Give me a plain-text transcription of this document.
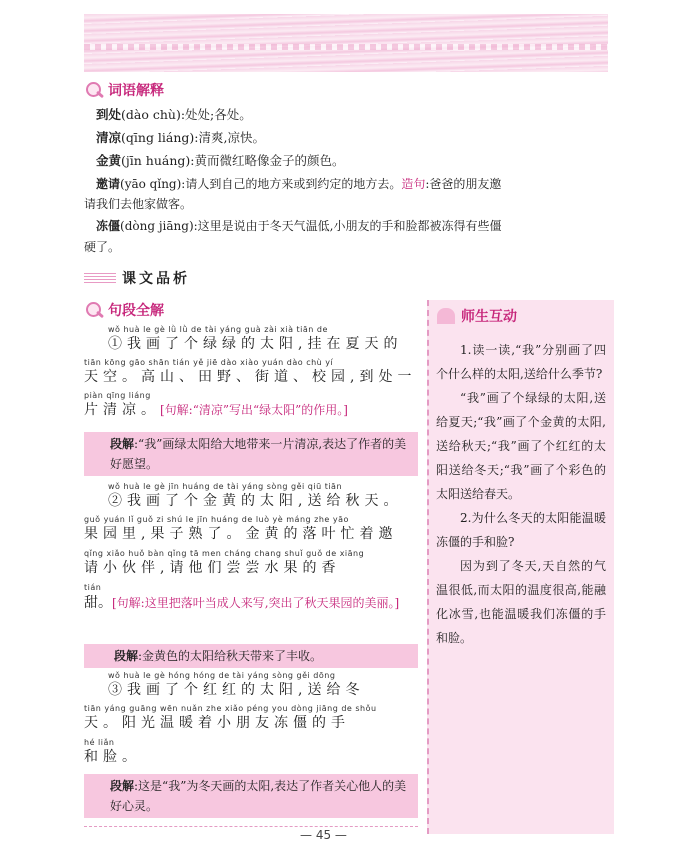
词语解释
到处(dào chù):处处;各处。
清凉(qīng liáng):清爽,凉快。
金黄(jīn huáng):黄而微红略像金子的颜色。
邀请(yāo qǐng):请人到自己的地方来或到约定的地方去。造句:爸爸的朋友邀
请我们去他家做客。
冻僵(dòng jiāng):这里是说由于冬天气温低,小朋友的手和脸都被冻得有些僵
硬了。
课文品析
师生互动

1.读一读,“我”分别画了四个什么样的太阳,送给什么季节?

“我”画了个绿绿的太阳,送给夏天;“我”画了个金黄的太阳,送给秋天;“我”画了个红红的太阳送给冬天;“我”画了个彩色的太阳送给春天。

2.为什么冬天的太阳能温暖冻僵的手和脸?

因为到了冬天,天自然的气温很低,而太阳的温度很高,能融化冰雪,也能温暖我们冻僵的手和脸。

句段全解
wǒ huà le gè lǜ lǜ de tài yáng guà zài xià tiān de
①我画了个绿绿的太阳,挂在夏天的
tiān kōng gāo shān tián yě jiē dào xiào yuán dào chù yí
天空。高山、田野、街道、校园,到处一
piàn qīng liáng
片清凉。[句解:“清凉”写出“绿太阳”的作用。]
段解:“我”画绿太阳给大地带来一片清凉,表达了作者的美好愿望。
wǒ huà le gè jīn huáng de tài yáng sòng gěi qiū tiān
②我画了个金黄的太阳,送给秋天。
guǒ yuán lǐ guǒ zi shú le jīn huáng de luò yè máng zhe yāo
果园里,果子熟了。金黄的落叶忙着邀
qǐng xiǎo huǒ bàn qǐng tā men cháng chang shuǐ guǒ de xiāng
请小伙伴,请他们尝尝水果的香
tián
甜。[句解:这里把落叶当成人来写,突出了秋天果园的美丽。]
段解:金黄色的太阳给秋天带来了丰收。
wǒ huà le gè hóng hóng de tài yáng sòng gěi dōng
③我画了个红红的太阳,送给冬
tiān yáng guāng wēn nuǎn zhe xiǎo péng you dòng jiāng de shǒu
天。阳光温暖着小朋友冻僵的手
hé liǎn
和脸。
段解:这是“我”为冬天画的太阳,表达了作者关心他人的美好心灵。
— 45 —
